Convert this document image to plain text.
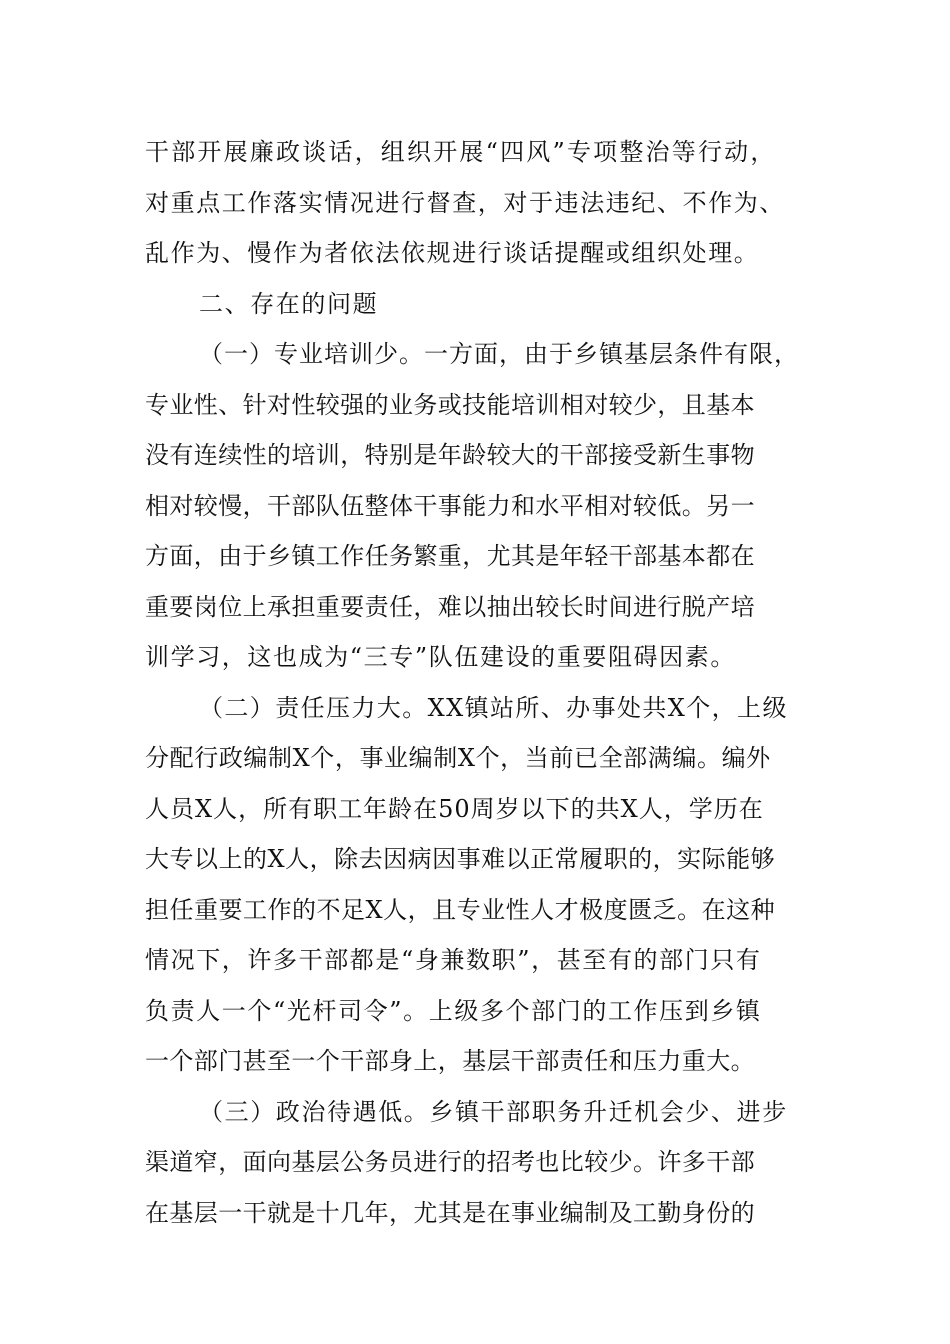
干部开展廉政谈话，组织开展“四风”专项整治等行动，
对重点工作落实情况进行督查，对于违法违纪、不作为、
乱作为、慢作为者依法依规进行谈话提醒或组织处理。
二、存在的问题
（一）专业培训少。一方面，由于乡镇基层条件有限，
专业性、针对性较强的业务或技能培训相对较少，且基本
没有连续性的培训，特别是年龄较大的干部接受新生事物
相对较慢，干部队伍整体干事能力和水平相对较低。另一
方面，由于乡镇工作任务繁重，尤其是年轻干部基本都在
重要岗位上承担重要责任，难以抽出较长时间进行脱产培
训学习，这也成为“三专”队伍建设的重要阻碍因素。
（二）责任压力大。XX镇站所、办事处共X个，上级
分配行政编制X个，事业编制X个，当前已全部满编。编外
人员X人，所有职工年龄在50周岁以下的共X人，学历在
大专以上的X人，除去因病因事难以正常履职的，实际能够
担任重要工作的不足X人，且专业性人才极度匮乏。在这种
情况下，许多干部都是“身兼数职”，甚至有的部门只有
负责人一个“光杆司令”。上级多个部门的工作压到乡镇
一个部门甚至一个干部身上，基层干部责任和压力重大。
（三）政治待遇低。乡镇干部职务升迁机会少、进步
渠道窄，面向基层公务员进行的招考也比较少。许多干部
在基层一干就是十几年，尤其是在事业编制及工勤身份的
